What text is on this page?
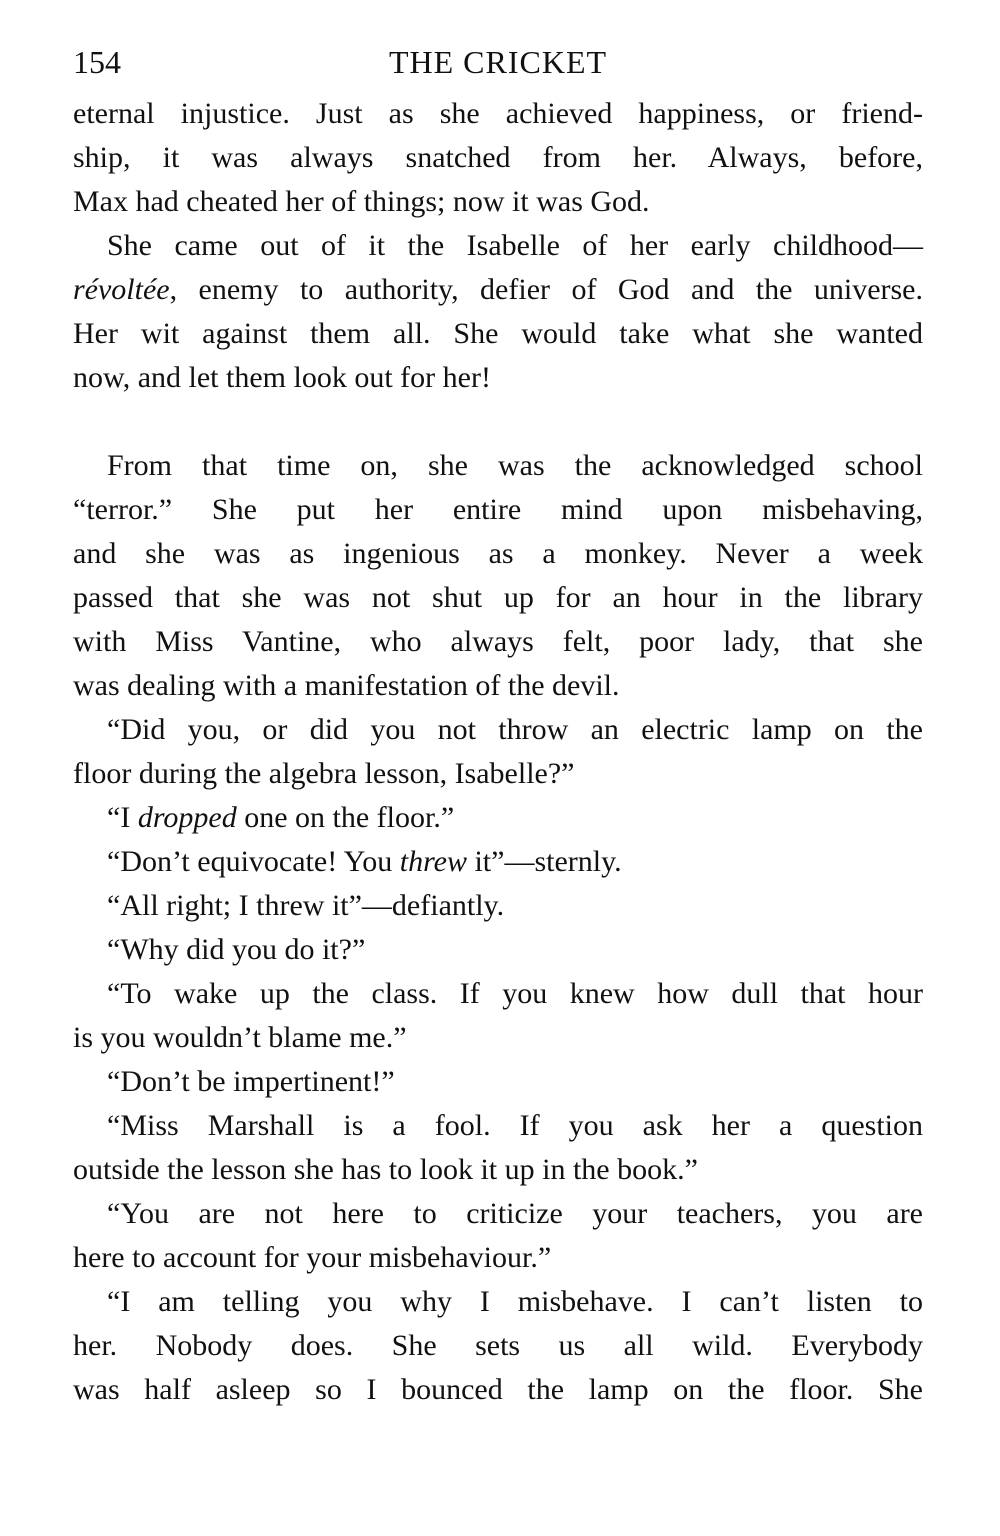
154	THE CRICKET

eternal injustice. Just as she achieved happiness, or friend-
ship, it was always snatched from her. Always, before,
Max had cheated her of things; now it was God.

She came out of it the Isabelle of her early childhood—
révoltée, enemy to authority, defier of God and the universe.
Her wit against them all. She would take what she wanted
now, and let them look out for her!

From that time on, she was the acknowledged school
“terror.” She put her entire mind upon misbehaving,
and she was as ingenious as a monkey. Never a week
passed that she was not shut up for an hour in the library
with Miss Vantine, who always felt, poor lady, that she
was dealing with a manifestation of the devil.

“Did you, or did you not throw an electric lamp on the
floor during the algebra lesson, Isabelle?”

“I dropped one on the floor.”

“Don’t equivocate! You threw it”—sternly.

“All right; I threw it”—defiantly.

“Why did you do it?”

“To wake up the class. If you knew how dull that hour
is you wouldn’t blame me.”

“Don’t be impertinent!”

“Miss Marshall is a fool. If you ask her a question
outside the lesson she has to look it up in the book.”

“You are not here to criticize your teachers, you are
here to account for your misbehaviour.”

“I am telling you why I misbehave. I can’t listen to
her. Nobody does. She sets us all wild. Everybody
was half asleep so I bounced the lamp on the floor. She
